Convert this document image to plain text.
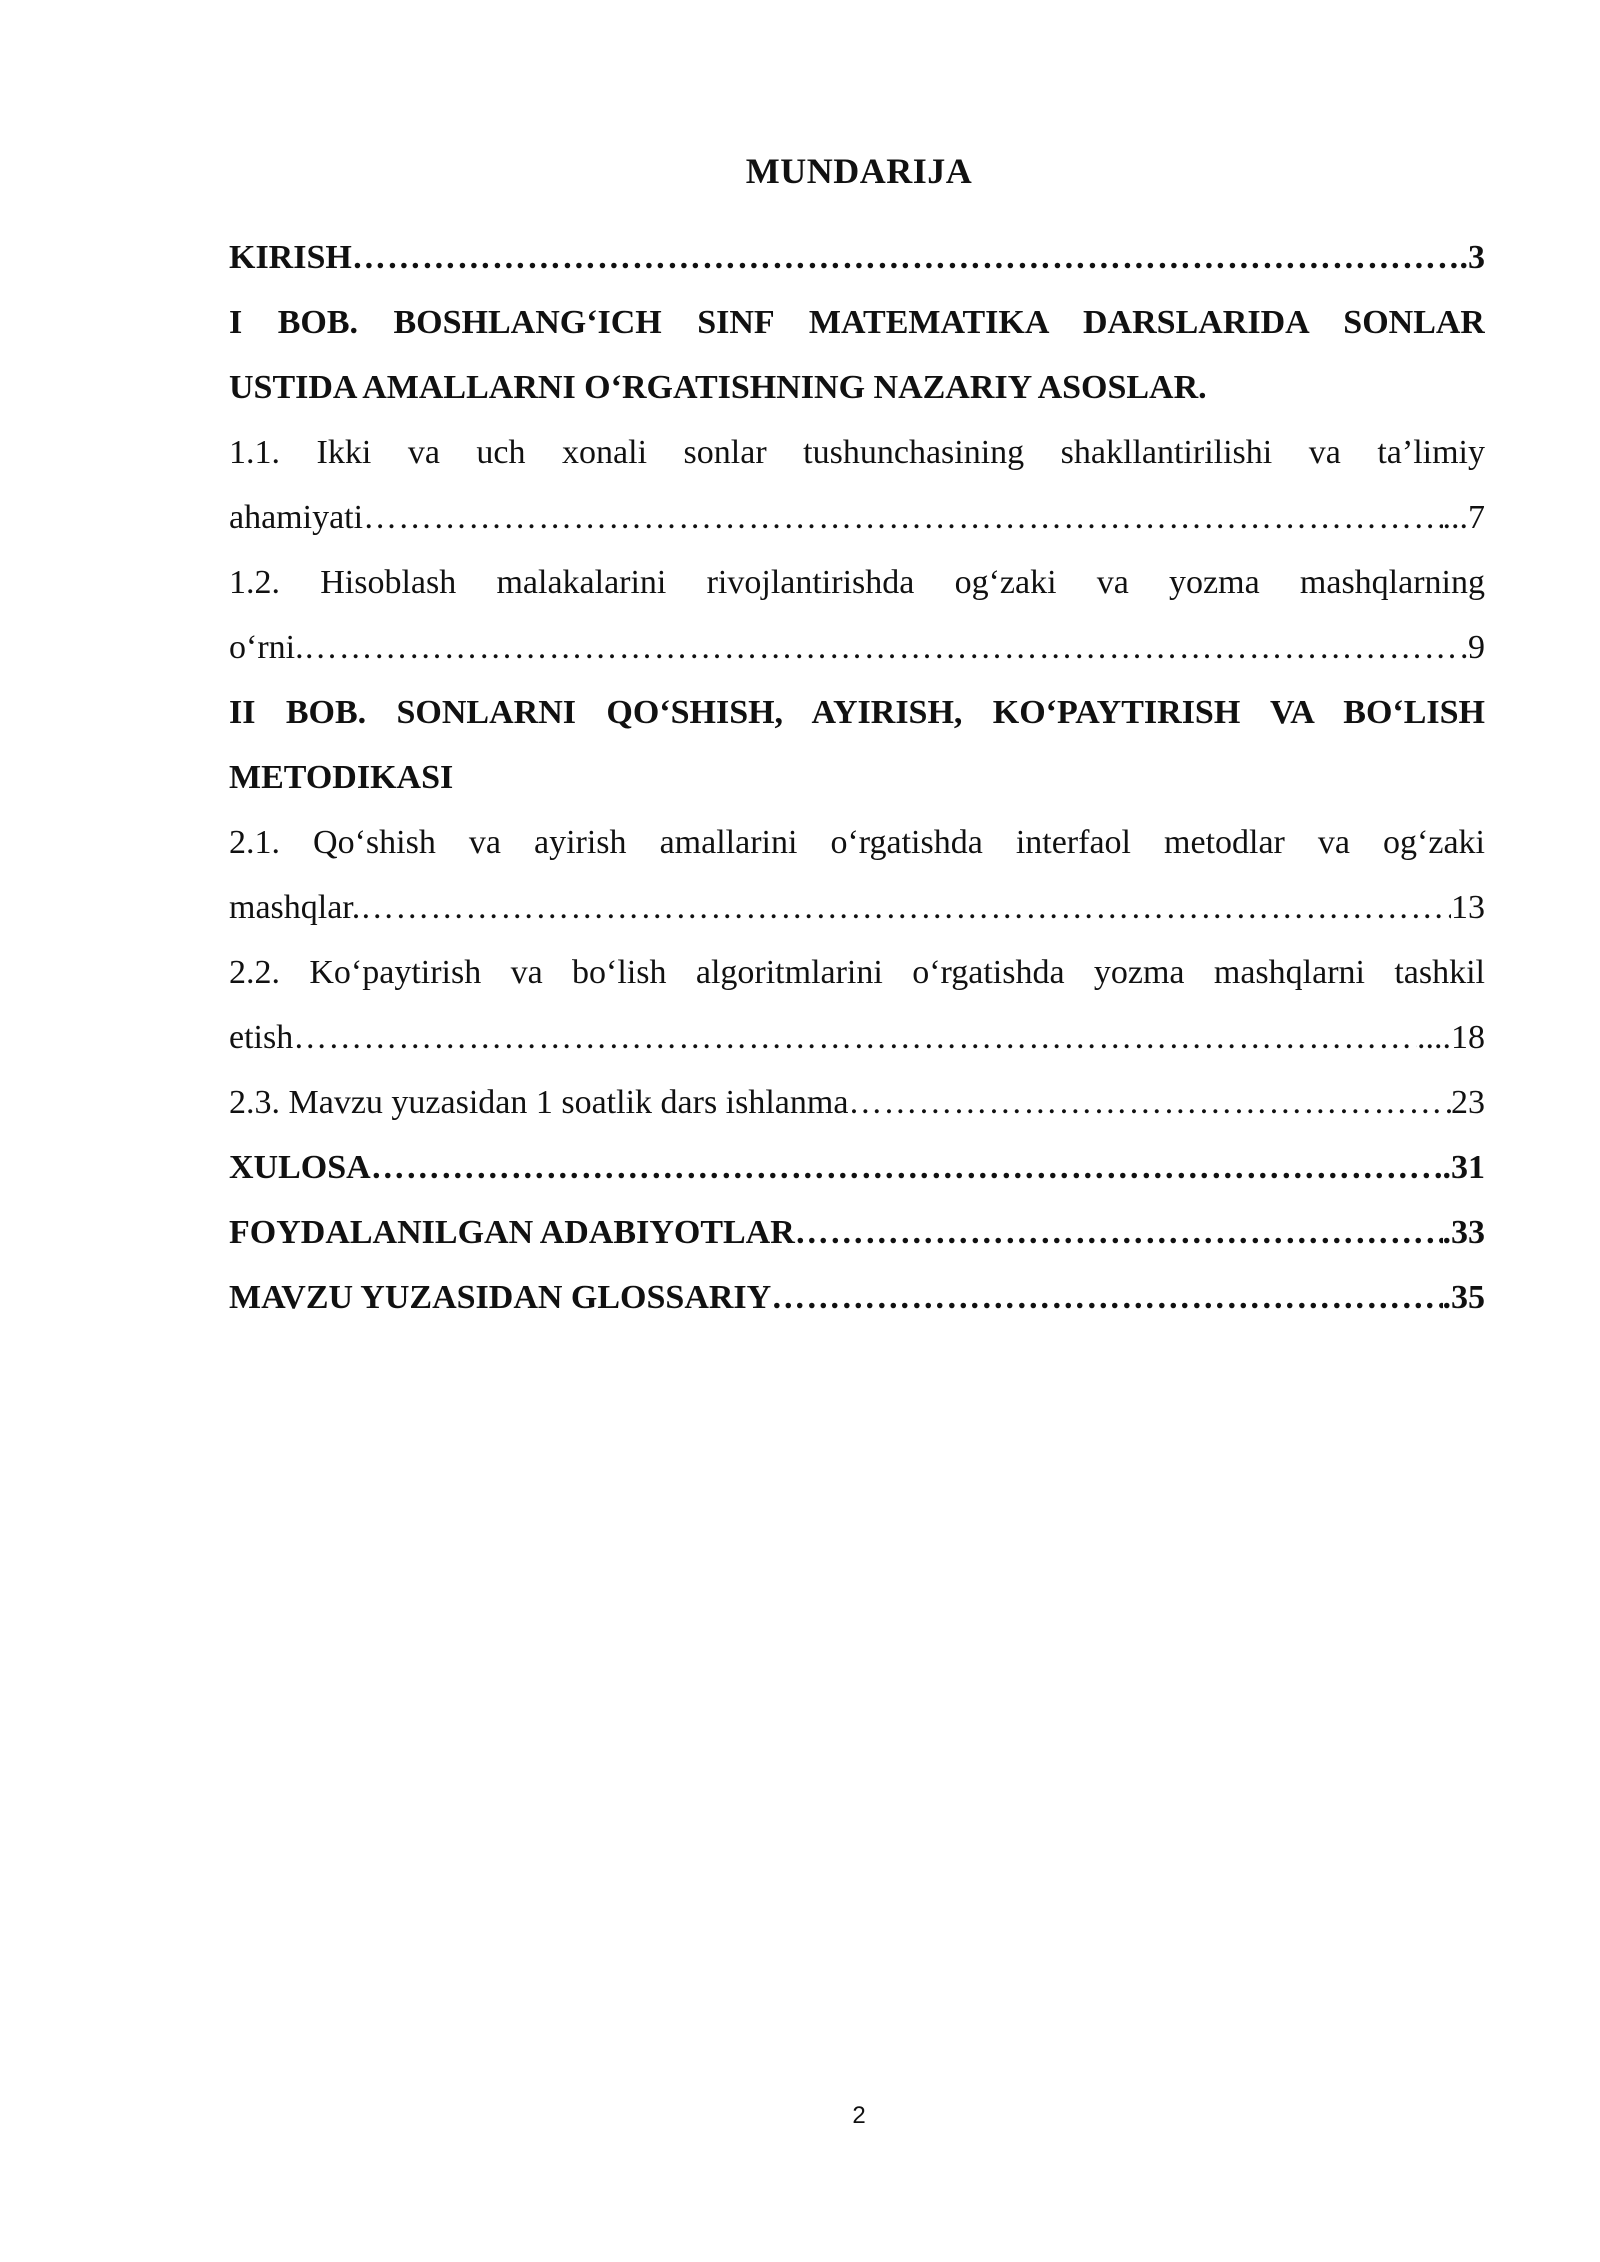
MUNDARIJA
KIRISH ………………………………………………………………………………………………………………………………………………………………………………………………………………………………	.3
I BOB. BOSHLANG‘ICH SINF MATEMATIKA DARSLARIDA SONLAR
USTIDA AMALLARNI O‘RGATISHNING NAZARIY ASOSLAR.
1.1. Ikki va uch xonali sonlar tushunchasining shakllantirilishi va ta’limiy
ahamiyati ………………………………………………………………………………………………………………………………………………………………………………………………………………………………	...7
1.2. Hisoblash malakalarini rivojlantirishda og‘zaki va yozma mashqlarning
o‘rni. ………………………………………………………………………………………………………………………………………………………………………………………………………………………………	9
II BOB. SONLARNI QO‘SHISH, AYIRISH, KO‘PAYTIRISH VA BO‘LISH
METODIKASI
2.1. Qo‘shish va ayirish amallarini o‘rgatishda interfaol metodlar va og‘zaki
mashqlar. ………………………………………………………………………………………………………………………………………………………………………………………………………………………………	13
2.2. Ko‘paytirish va bo‘lish algoritmlarini o‘rgatishda yozma mashqlarni tashkil
etish ………………………………………………………………………………………………………………………………………………………………………………………………………………………………	....18
2.3. Mavzu yuzasidan 1 soatlik dars ishlanma ………………………………………………………………………………………………………………………………………………………………………………………………………………………………	23
XULOSA ………………………………………………………………………………………………………………………………………………………………………………………………………………………………	..31
FOYDALANILGAN ADABIYOTLAR ………………………………………………………………………………………………………………………………………………………………………………………………………………………………	.33
MAVZU YUZASIDAN GLOSSARIY ………………………………………………………………………………………………………………………………………………………………………………………………………………………………	.35
2
